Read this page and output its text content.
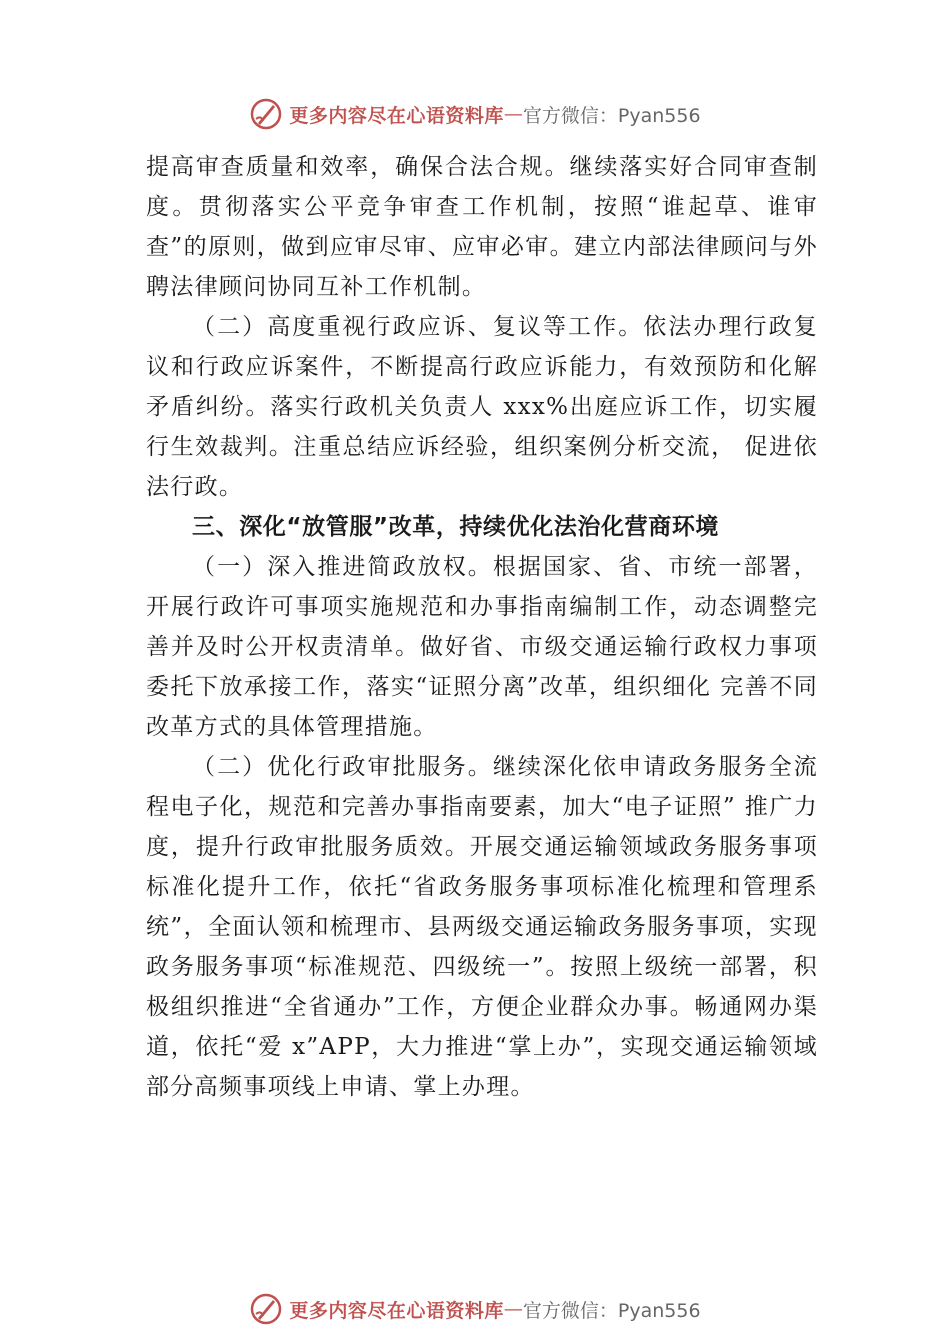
更多内容尽在心语资料库 — 官方微信：Pyan556

提高审查质量和效率，确保合法合规。继续落实好合同审查制度。贯彻落实公平竞争审查工作机制，按照“谁起草、谁审查”的原则，做到应审尽审、应审必审。建立内部法律顾问与外聘法律顾问协同互补工作机制。

（二）高度重视行政应诉、复议等工作。依法办理行政复议和行政应诉案件，不断提高行政应诉能力，有效预防和化解矛盾纠纷。落实行政机关负责人 xxx%出庭应诉工作，切实履行生效裁判。注重总结应诉经验，组织案例分析交流， 促进依法行政。

三、深化“放管服”改革，持续优化法治化营商环境

（一）深入推进简政放权。根据国家、省、市统一部署，开展行政许可事项实施规范和办事指南编制工作，动态调整完善并及时公开权责清单。做好省、市级交通运输行政权力事项委托下放承接工作，落实“证照分离”改革，组织细化 完善不同改革方式的具体管理措施。

（二）优化行政审批服务。继续深化依申请政务服务全流程电子化，规范和完善办事指南要素，加大“电子证照” 推广力度，提升行政审批服务质效。开展交通运输领域政务服务事项标准化提升工作，依托“省政务服务事项标准化梳理和管理系统”，全面认领和梳理市、县两级交通运输政务服务事项，实现政务服务事项“标准规范、四级统一”。按照上级统一部署，积极组织推进“全省通办”工作，方便企业群众办事。畅通网办渠道，依托“爱 x”APP，大力推进“掌上办”，实现交通运输领域部分高频事项线上申请、掌上办理。

更多内容尽在心语资料库 — 官方微信：Pyan556
